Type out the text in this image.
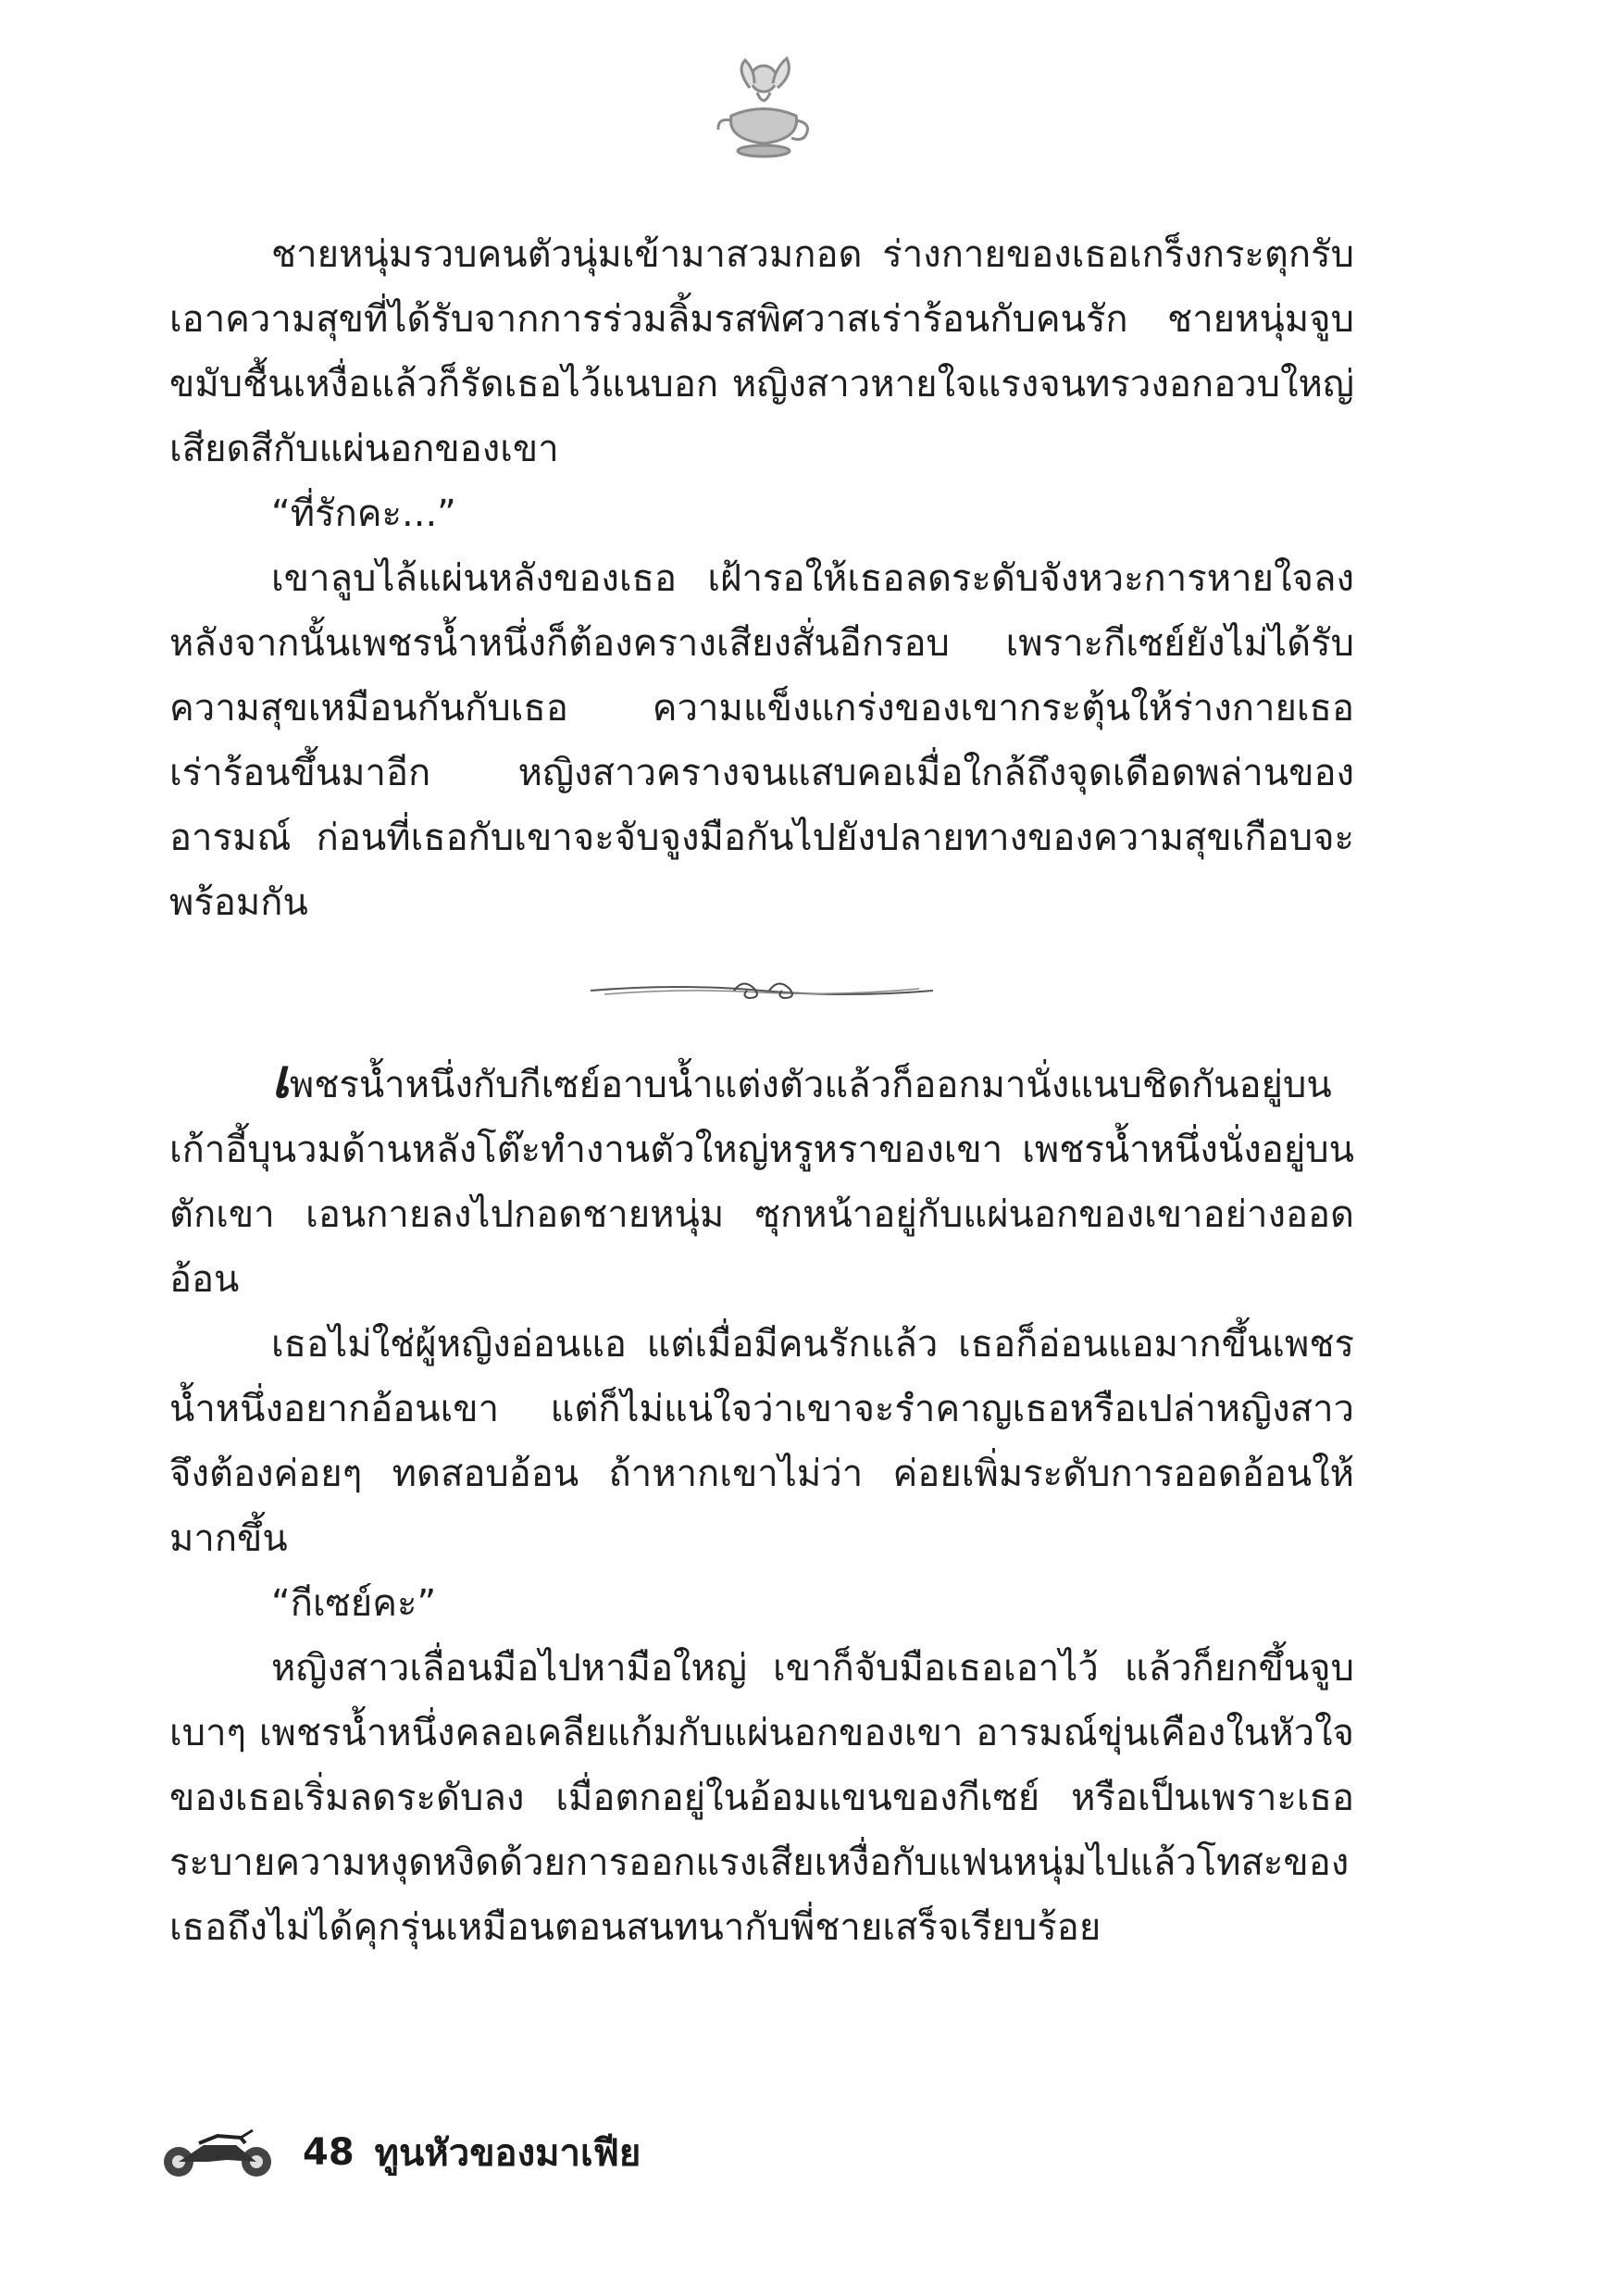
ชายหนุ่มรวบคนตัวนุ่มเข้ามาสวมกอด ร่างกายของเธอเกร็งกระตุกรับเอาความสุขที่ได้รับจากการร่วมลิ้มรสพิศวาสเร่าร้อนกับคนรัก ชายหนุ่มจูบขมับชื้นเหงื่อแล้วก็รัดเธอไว้แนบอก หญิงสาวหายใจแรงจนทรวงอกอวบใหญ่เสียดสีกับแผ่นอกของเขา

“ที่รักคะ...”

เขาลูบไล้แผ่นหลังของเธอ เฝ้ารอให้เธอลดระดับจังหวะการหายใจลงหลังจากนั้นเพชรน้ำหนึ่งก็ต้องครางเสียงสั่นอีกรอบ เพราะกีเซย์ยังไม่ได้รับความสุขเหมือนกันกับเธอ ความแข็งแกร่งของเขากระตุ้นให้ร่างกายเธอเร่าร้อนขึ้นมาอีก หญิงสาวครางจนแสบคอเมื่อใกล้ถึงจุดเดือดพล่านของอารมณ์ ก่อนที่เธอกับเขาจะจับจูงมือกันไปยังปลายทางของความสุขเกือบจะพร้อมกัน

เพชรน้ำหนึ่งกับกีเซย์อาบน้ำแต่งตัวแล้วก็ออกมานั่งแนบชิดกันอยู่บนเก้าอี้บุนวมด้านหลังโต๊ะทำงานตัวใหญ่หรูหราของเขา เพชรน้ำหนึ่งนั่งอยู่บนตักเขา เอนกายลงไปกอดชายหนุ่ม ซุกหน้าอยู่กับแผ่นอกของเขาอย่างออดอ้อน

เธอไม่ใช่ผู้หญิงอ่อนแอ แต่เมื่อมีคนรักแล้ว เธอก็อ่อนแอมากขึ้นเพชรน้ำหนึ่งอยากอ้อนเขา แต่ก็ไม่แน่ใจว่าเขาจะรำคาญเธอหรือเปล่าหญิงสาวจึงต้องค่อยๆ ทดสอบอ้อน ถ้าหากเขาไม่ว่า ค่อยเพิ่มระดับการออดอ้อนให้มากขึ้น

“กีเซย์คะ”

หญิงสาวเลื่อนมือไปหามือใหญ่ เขาก็จับมือเธอเอาไว้ แล้วก็ยกขึ้นจูบเบาๆ เพชรน้ำหนึ่งคลอเคลียแก้มกับแผ่นอกของเขา อารมณ์ขุ่นเคืองในหัวใจของเธอเริ่มลดระดับลง เมื่อตกอยู่ในอ้อมแขนของกีเซย์ หรือเป็นเพราะเธอระบายความหงุดหงิดด้วยการออกแรงเสียเหงื่อกับแฟนหนุ่มไปแล้วโทสะของเธอถึงไม่ได้คุกรุ่นเหมือนตอนสนทนากับพี่ชายเสร็จเรียบร้อย

48 ทูนหัวของมาเฟีย
